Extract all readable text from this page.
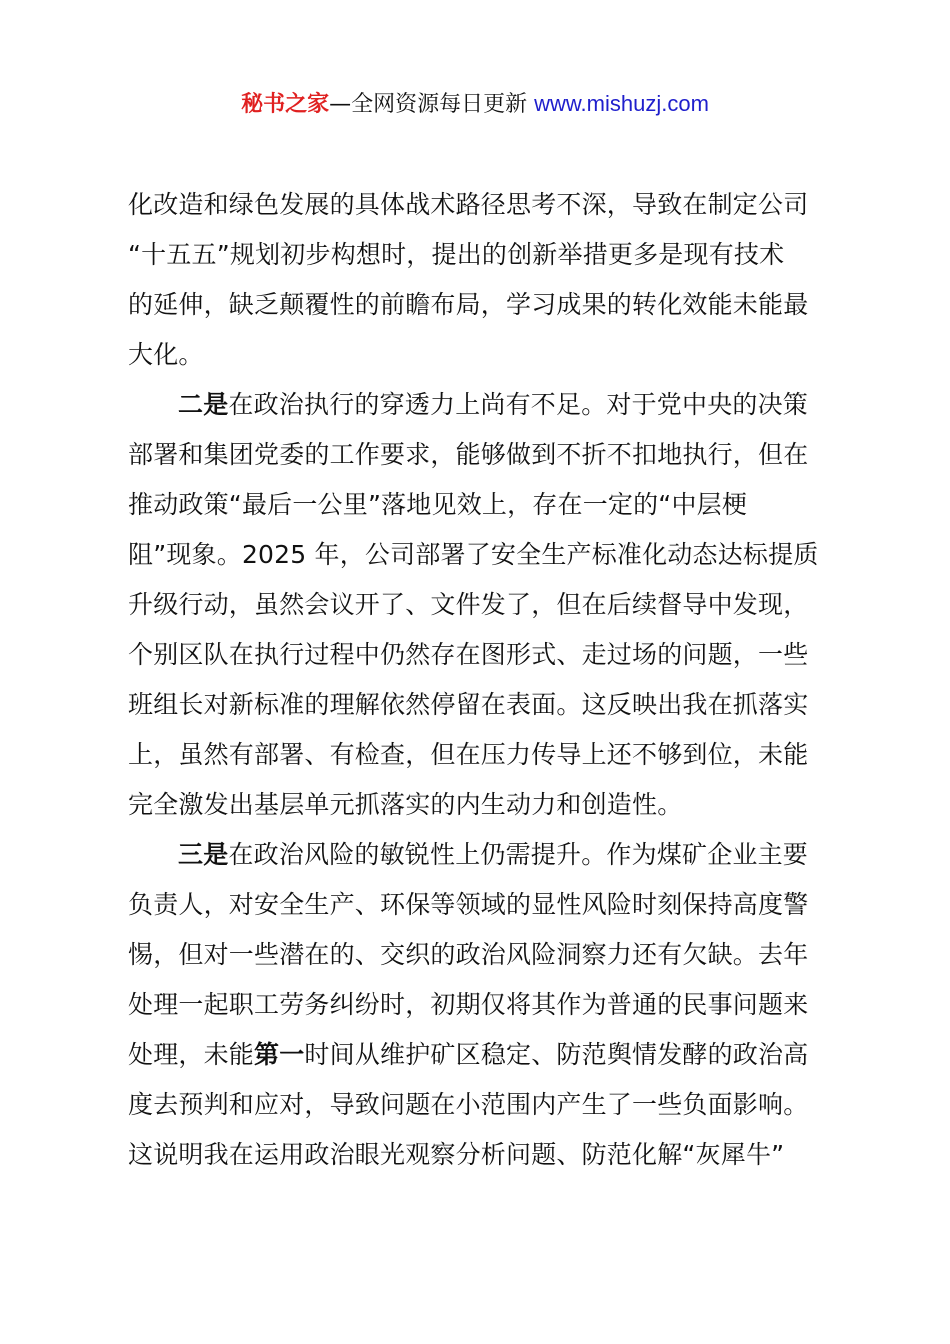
秘书之家—全网资源每日更新 www.mishuzj.com
化改造和绿色发展的具体战术路径思考不深，导致在制定公司
“十五五”规划初步构想时，提出的创新举措更多是现有技术
的延伸，缺乏颠覆性的前瞻布局，学习成果的转化效能未能最
大化。
二是在政治执行的穿透力上尚有不足。对于党中央的决策
部署和集团党委的工作要求，能够做到不折不扣地执行，但在
推动政策“最后一公里”落地见效上，存在一定的“中层梗
阻”现象。2025 年，公司部署了安全生产标准化动态达标提质
升级行动，虽然会议开了、文件发了，但在后续督导中发现，
个别区队在执行过程中仍然存在图形式、走过场的问题，一些
班组长对新标准的理解依然停留在表面。这反映出我在抓落实
上，虽然有部署、有检查，但在压力传导上还不够到位，未能
完全激发出基层单元抓落实的内生动力和创造性。
三是在政治风险的敏锐性上仍需提升。作为煤矿企业主要
负责人，对安全生产、环保等领域的显性风险时刻保持高度警
惕，但对一些潜在的、交织的政治风险洞察力还有欠缺。去年
处理一起职工劳务纠纷时，初期仅将其作为普通的民事问题来
处理，未能第一时间从维护矿区稳定、防范舆情发酵的政治高
度去预判和应对，导致问题在小范围内产生了一些负面影响。
这说明我在运用政治眼光观察分析问题、防范化解“灰犀牛”
